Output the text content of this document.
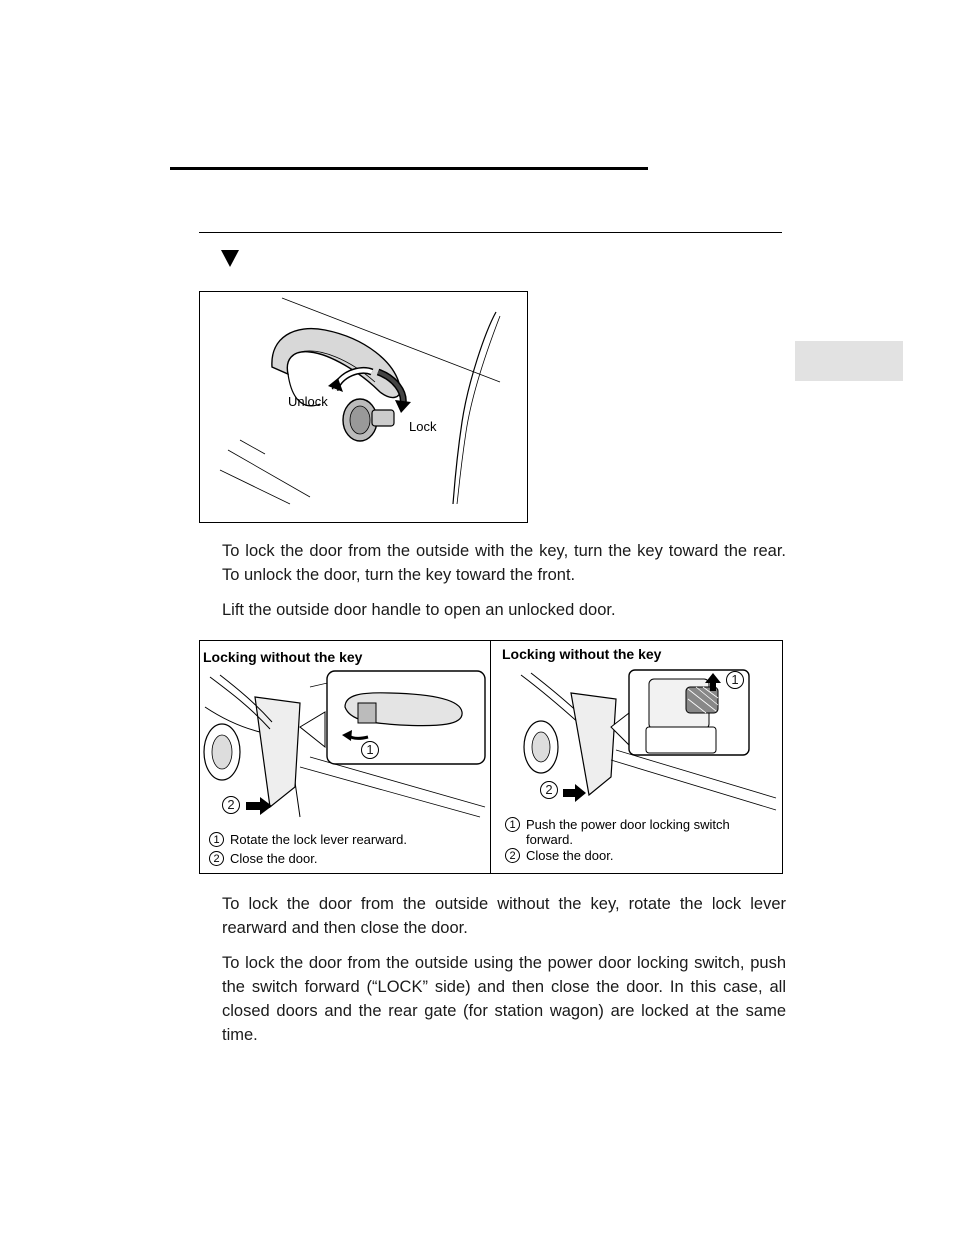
Unlock
Lock

To lock the door from the outside with the key, turn the key toward the rear. To unlock the door, turn the key toward the front.

Lift the outside door handle to open an unlocked door.

Locking without the key
1
2
1 Rotate the lock lever rearward.
2 Close the door.
Locking without the key
1
2
1 Push the power door locking switch forward.
2 Close the door.

To lock the door from the outside without the key, rotate the lock lever rearward and then close the door.

To lock the door from the outside using the power door locking switch, push the switch forward (“LOCK” side) and then close the door. In this case, all closed doors and the rear gate (for station wagon) are locked at the same time.
